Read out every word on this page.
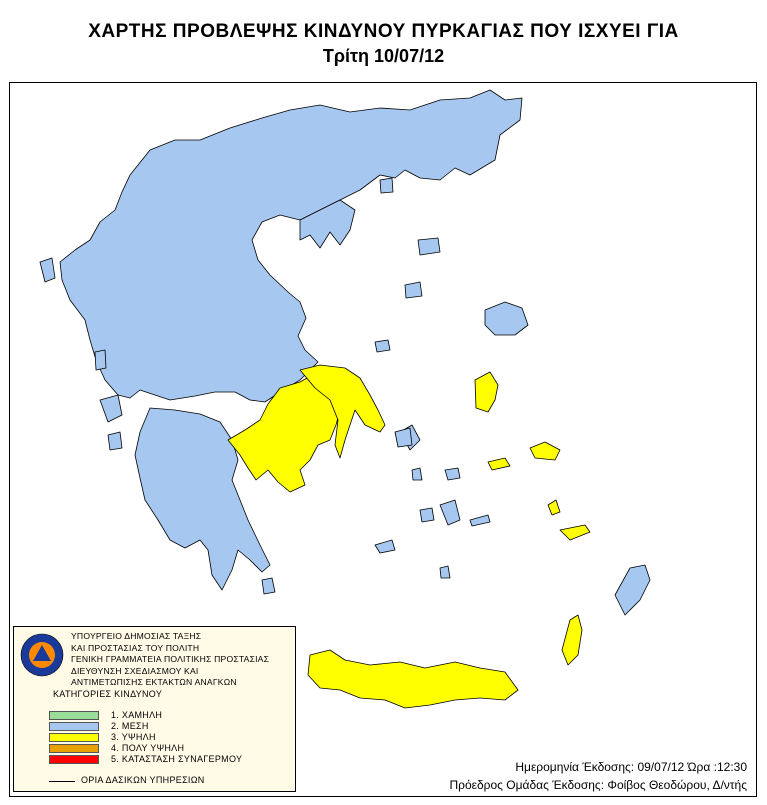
ΧΑΡΤΗΣ ΠΡΟΒΛΕΨΗΣ ΚΙΝΔΥΝΟΥ ΠΥΡΚΑΓΙΑΣ ΠΟΥ ΙΣΧΥΕΙ ΓΙΑ
Τρίτη 10/07/12
ΥΠΟΥΡΓΕΙΟ ΔΗΜΟΣΙΑΣ ΤΑΞΗΣ
ΚΑΙ ΠΡΟΣΤΑΣΙΑΣ ΤΟΥ ΠΟΛΙΤΗ
ΓΕΝΙΚΗ ΓΡΑΜΜΑΤΕΙΑ ΠΟΛΙΤΙΚΗΣ ΠΡΟΣΤΑΣΙΑΣ
ΔΙΕΥΘΥΝΣΗ ΣΧΕΔΙΑΣΜΟΥ ΚΑΙ
ΑΝΤΙΜΕΤΩΠΙΣΗΣ ΕΚΤΑΚΤΩΝ ΑΝΑΓΚΩΝ
ΚΑΤΗΓΟΡΙΕΣ ΚΙΝΔΥΝΟΥ
1. ΧΑΜΗΛΗ
2. ΜΕΣΗ
3. ΥΨΗΛΗ
4. ΠΟΛΥ ΥΨΗΛΗ
5. ΚΑΤΑΣΤΑΣΗ ΣΥΝΑΓΕΡΜΟΥ
ΟΡΙΑ ΔΑΣΙΚΩΝ ΥΠΗΡΕΣΙΩΝ
Ημερομηνία Έκδοσης: 09/07/12 Ώρα :12:30
Πρόεδρος Ομάδας Έκδοσης: Φοίβος Θεοδώρου, Δ/ντής
